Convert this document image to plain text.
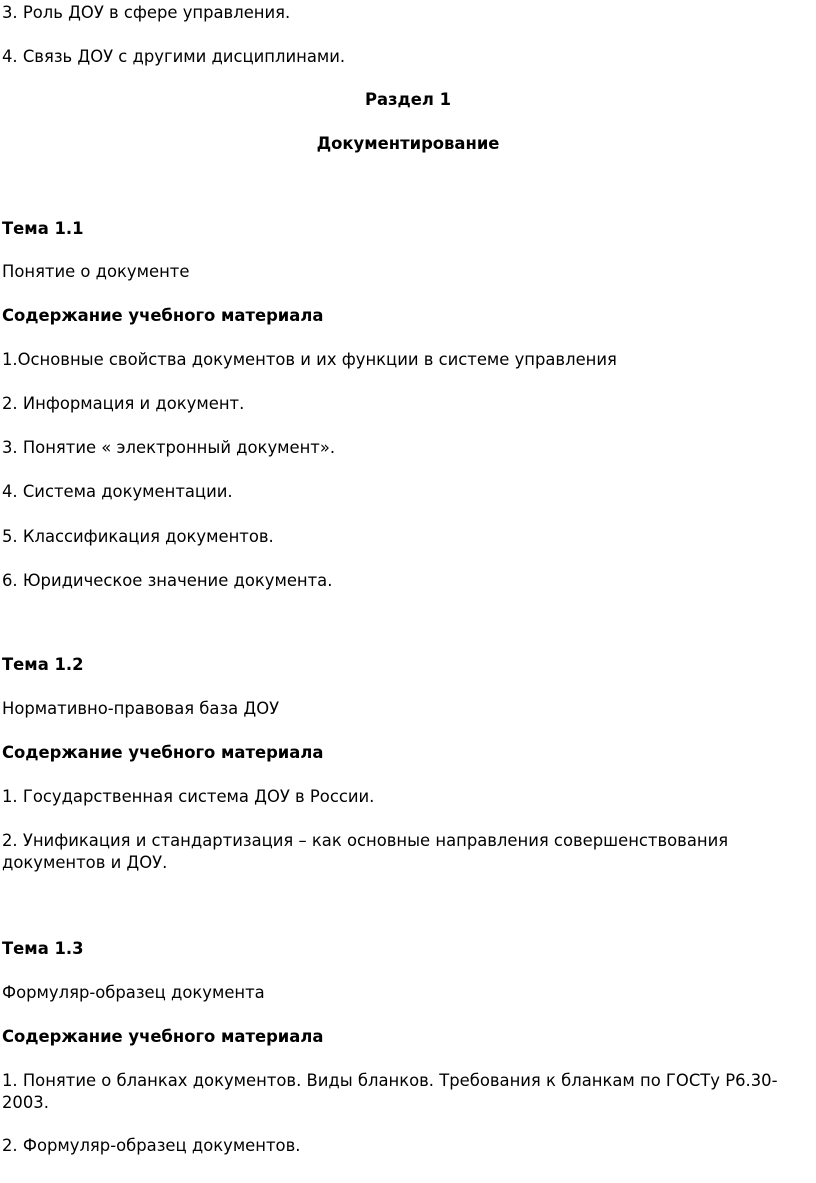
3. Роль ДОУ в сфере управления.

4. Связь ДОУ с другими дисциплинами.

Раздел 1

Документирование

Тема 1.1

Понятие о документе

Содержание учебного материала

1.Основные свойства документов и их функции в системе управления

2. Информация и документ.

3. Понятие « электронный документ».

4. Система документации.

5. Классификация документов.

6. Юридическое значение документа.

Тема 1.2

Нормативно-правовая база ДОУ

Содержание учебного материала

1. Государственная система ДОУ в России.

2. Унификация и стандартизация – как основные направления совершенствования документов и ДОУ.

Тема 1.3

Формуляр-образец документа

Содержание учебного материала

1. Понятие о бланках документов. Виды бланков. Требования к бланкам по ГОСТу Р6.30-2003.

2. Формуляр-образец документов.
